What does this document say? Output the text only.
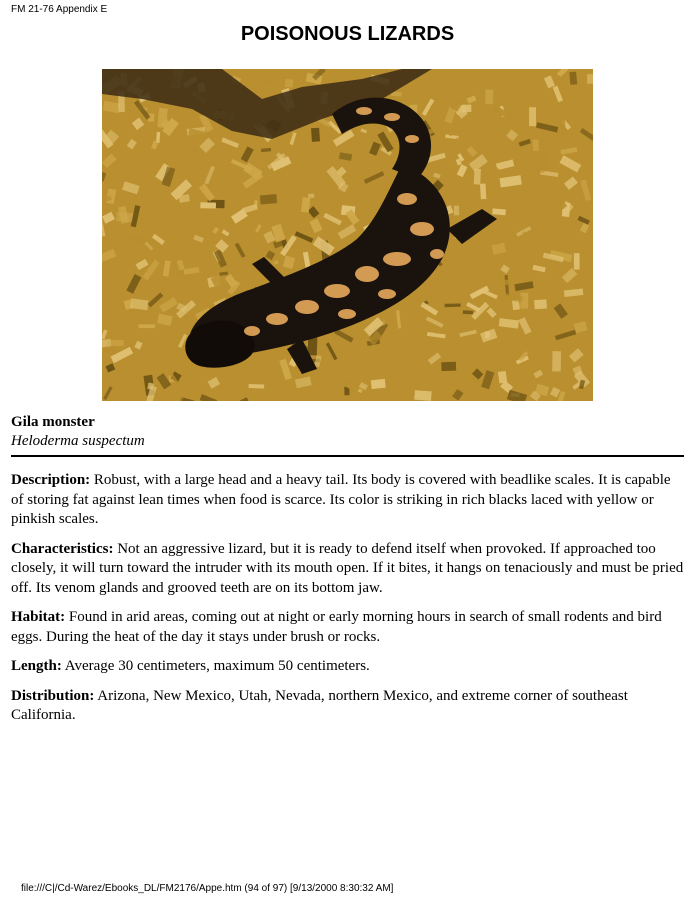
FM 21-76 Appendix E
POISONOUS LIZARDS
Gila monster
Heloderma suspectum

Description: Robust, with a large head and a heavy tail. Its body is covered with beadlike scales. It is capable of storing fat against lean times when food is scarce. Its color is striking in rich blacks laced with yellow or pinkish scales.

Characteristics: Not an aggressive lizard, but it is ready to defend itself when provoked. If approached too closely, it will turn toward the intruder with its mouth open. If it bites, it hangs on tenaciously and must be pried off. Its venom glands and grooved teeth are on its bottom jaw.

Habitat: Found in arid areas, coming out at night or early morning hours in search of small rodents and bird eggs. During the heat of the day it stays under brush or rocks.

Length: Average 30 centimeters, maximum 50 centimeters.

Distribution: Arizona, New Mexico, Utah, Nevada, northern Mexico, and extreme corner of southeast California.

file:///C|/Cd-Warez/Ebooks_DL/FM2176/Appe.htm (94 of 97) [9/13/2000 8:30:32 AM]
